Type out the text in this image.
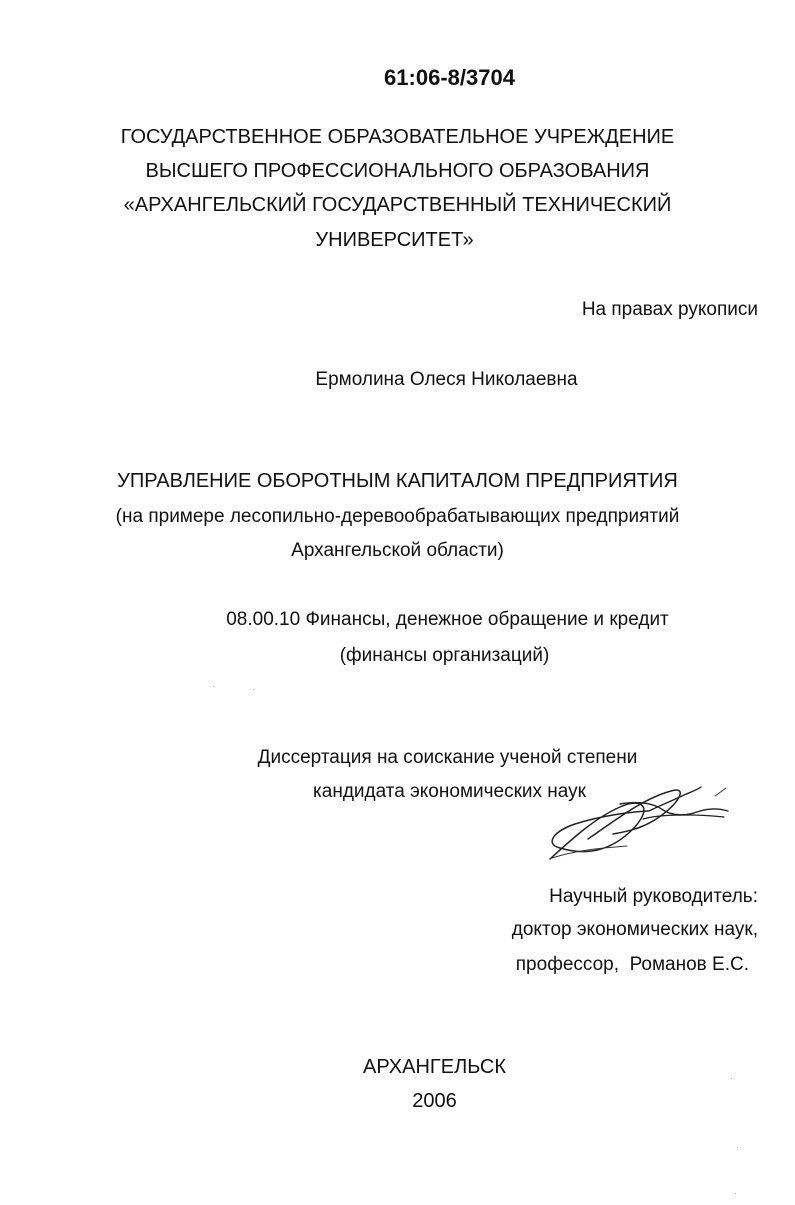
61:06-8/3704
ГОСУДАРСТВЕННОЕ ОБРАЗОВАТЕЛЬНОЕ УЧРЕЖДЕНИЕ
ВЫСШЕГО ПРОФЕССИОНАЛЬНОГО ОБРАЗОВАНИЯ
«АРХАНГЕЛЬСКИЙ ГОСУДАРСТВЕННЫЙ ТЕХНИЧЕСКИЙ
УНИВЕРСИТЕТ»
На правах рукописи
Ермолина Олеся Николаевна
УПРАВЛЕНИЕ ОБОРОТНЫМ КАПИТАЛОМ ПРЕДПРИЯТИЯ
(на примере лесопильно-деревообрабатывающих предприятий
Архангельской области)
08.00.10 Финансы, денежное обращение и кредит
(финансы организаций)
Диссертация на соискание ученой степени
кандидата экономических наук
Научный руководитель:
доктор экономических наук,
профессор,  Романов Е.С.
АРХАНГЕЛЬСК
2006
